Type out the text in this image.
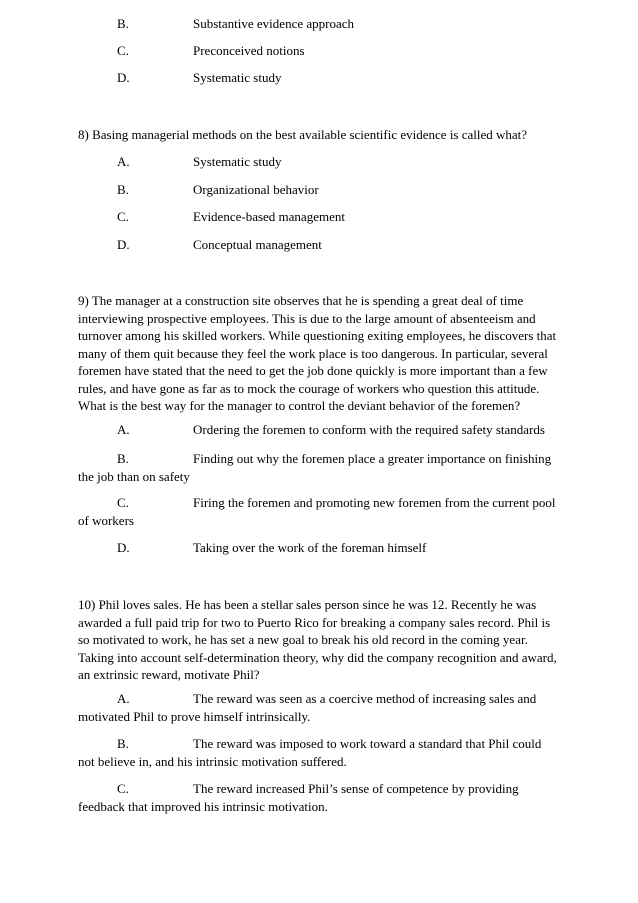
B.	Substantive evidence approach

C.	Preconceived notions

D.	Systematic study

8) Basing managerial methods on the best available scientific evidence is called what?

A.	Systematic study

B.	Organizational behavior

C.	Evidence-based management

D.	Conceptual management

9) The manager at a construction site observes that he is spending a great deal of time interviewing prospective employees. This is due to the large amount of absenteeism and turnover among his skilled workers. While questioning exiting employees, he discovers that many of them quit because they feel the work place is too dangerous. In particular, several foremen have stated that the need to get the job done quickly is more important than a few rules, and have gone as far as to mock the courage of workers who question this attitude. What is the best way for the manager to control the deviant behavior of the foremen?

A.	Ordering the foremen to conform with the required safety standards

B.	Finding out why the foremen place a greater importance on finishing the job than on safety

C.	Firing the foremen and promoting new foremen from the current pool of workers

D.	Taking over the work of the foreman himself

10) Phil loves sales. He has been a stellar sales person since he was 12. Recently he was awarded a full paid trip for two to Puerto Rico for breaking a company sales record. Phil is so motivated to work, he has set a new goal to break his old record in the coming year. Taking into account self-determination theory, why did the company recognition and award, an extrinsic reward, motivate Phil?

A.	The reward was seen as a coercive method of increasing sales and motivated Phil to prove himself intrinsically.

B.	The reward was imposed to work toward a standard that Phil could not believe in, and his intrinsic motivation suffered.

C.	The reward increased Phil’s sense of competence by providing feedback that improved his intrinsic motivation.
